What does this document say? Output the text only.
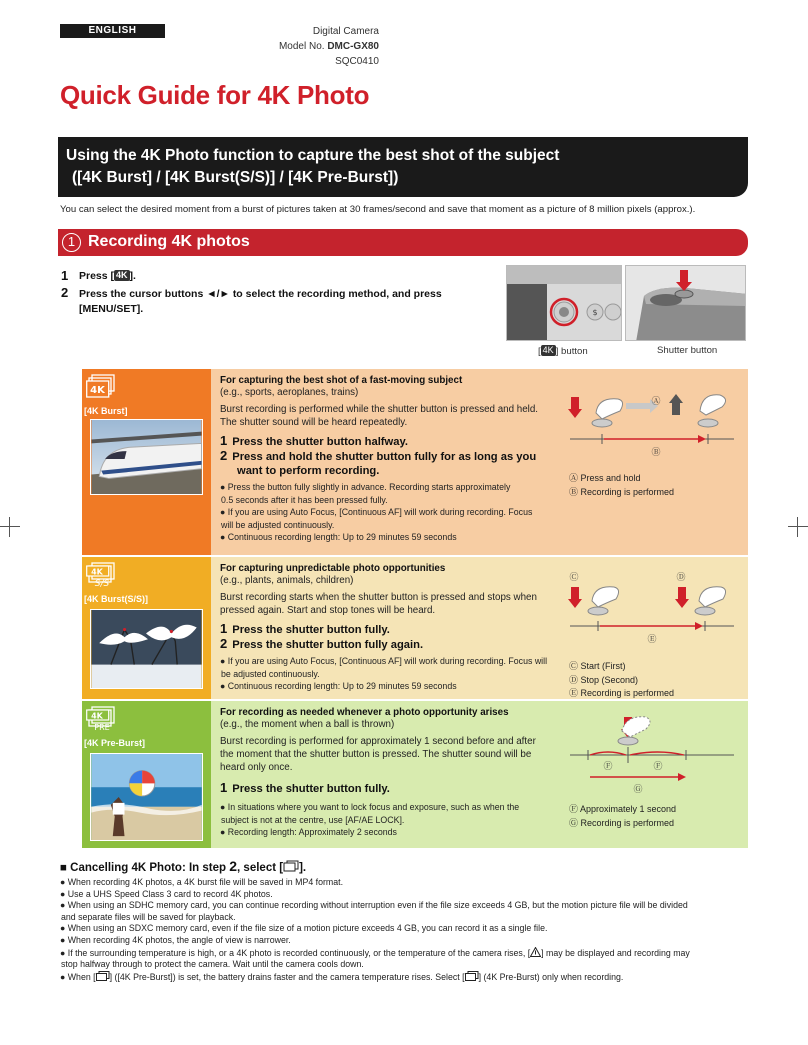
ENGLISH	Digital Camera
Model No. DMC-GX80
SQC0410
Quick Guide for 4K Photo
Using the 4K Photo function to capture the best shot of the subject
([4K Burst] / [4K Burst(S/S)] / [4K Pre-Burst])
You can select the desired moment from a burst of pictures taken at 30 frames/second and save that moment as a picture of 8 million pixels (approx.).
1 Recording 4K photos
1 Press [ 4K ].
2 Press the cursor buttons ◄/► to select the recording method, and press
[MENU/SET].	$
[ 4K ] button	Shutter button
4K
[4K Burst]
For capturing the best shot of a fast-moving subject
(e.g., sports, aeroplanes, trains)
Burst recording is performed while the shutter button is pressed and held.
The shutter sound will be heard repeatedly.
1 Press the shutter button halfway.
2 Press and hold the shutter button fully for as long as you
want to perform recording.
● Press the button fully slightly in advance. Recording starts approximately
0.5 seconds after it has been pressed fully.
● If you are using Auto Focus, [Continuous AF] will work during recording. Focus
will be adjusted continuously.
● Continuous recording length: Up to 29 minutes 59 seconds
Ⓐ
Ⓑ
Ⓐ Press and hold
Ⓑ Recording is performed
4K
S/S
[4K Burst(S/S)]
For capturing unpredictable photo opportunities
(e.g., plants, animals, children)
Burst recording starts when the shutter button is pressed and stops when
pressed again. Start and stop tones will be heard.
1 Press the shutter button fully.
2 Press the shutter button fully again.
● If you are using Auto Focus, [Continuous AF] will work during recording. Focus will
be adjusted continuously.
● Continuous recording length: Up to 29 minutes 59 seconds
Ⓒ	Ⓓ
Ⓔ
Ⓒ Start (First)
Ⓓ Stop (Second)
Ⓔ Recording is performed
4K
PRE
[4K Pre-Burst]
For recording as needed whenever a photo opportunity arises
(e.g., the moment when a ball is thrown)
Burst recording is performed for approximately 1 second before and after
the moment that the shutter button is pressed. The shutter sound will be
heard only once.
1 Press the shutter button fully.
● In situations where you want to lock focus and exposure, such as when the
subject is not at the centre, use [AF/AE LOCK].
● Recording length: Approximately 2 seconds
Ⓕ	Ⓕ
Ⓖ
Ⓕ Approximately 1 second
Ⓖ Recording is performed
■ Cancelling 4K Photo: In step 2, select [ ].
● When recording 4K photos, a 4K burst file will be saved in MP4 format.
● Use a UHS Speed Class 3 card to record 4K photos.
● When using an SDHC memory card, you can continue recording without interruption even if the file size exceeds 4 GB, but the motion picture file will be divided
and separate files will be saved for playback.
● When using an SDXC memory card, even if the file size of a motion picture exceeds 4 GB, you can record it as a single file.
● When recording 4K photos, the angle of view is narrower.
● If the surrounding temperature is high, or a 4K photo is recorded continuously, or the temperature of the camera rises, [ ] may be displayed and recording may
stop halfway through to protect the camera. Wait until the camera cools down.
● When [ ] ([4K Pre-Burst]) is set, the battery drains faster and the camera temperature rises. Select [ ] (4K Pre-Burst) only when recording.
